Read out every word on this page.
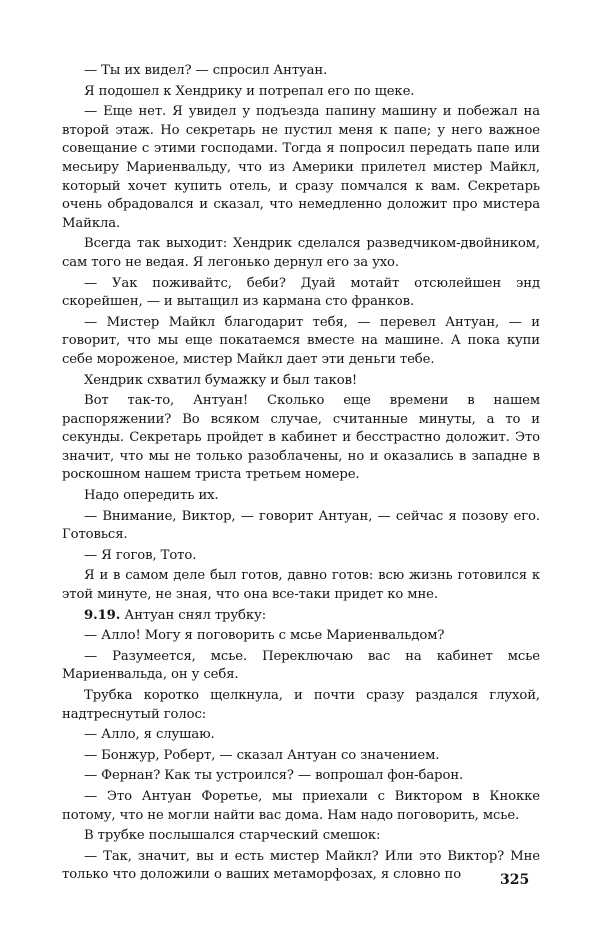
— Ты их видел? — спросил Антуан.

Я подошел к Хендрику и потрепал его по щеке.

— Еще нет. Я увидел у подъезда папину машину и побежал на второй этаж. Но секретарь не пустил меня к папе; у него важное совещание с этими господами. Тогда я попросил передать папе или месьиру Мариенвальду, что из Америки прилетел мистер Майкл, который хочет купить отель, и сразу помчался к вам. Секретарь очень обрадовался и сказал, что немедленно доложит про мистера Майкла.

Всегда так выходит: Хендрик сделался разведчиком-двойником, сам того не ведая. Я легонько дернул его за ухо.

— Уак поживайтс, беби? Дуай мотайт отсюлейшен энд скорейшен, — и вытащил из кармана сто франков.

— Мистер Майкл благодарит тебя, — перевел Антуан, — и говорит, что мы еще покатаемся вместе на машине. А пока купи себе мороженое, мистер Майкл дает эти деньги тебе.

Хендрик схватил бумажку и был таков!

Вот так-то, Антуан! Сколько еще времени в нашем распоряжении? Во всяком случае, считанные минуты, а то и секунды. Секретарь пройдет в кабинет и бесстрастно доложит. Это значит, что мы не только разоблачены, но и оказались в западне в роскошном нашем триста третьем номере.

Надо опередить их.

— Внимание, Виктор, — говорит Антуан, — сейчас я позову его. Готовься.

— Я гогов, Тото.

Я и в самом деле был готов, давно готов: всю жизнь готовился к этой минуте, не зная, что она все-таки придет ко мне.

9.19. Антуан снял трубку:

— Алло! Могу я поговорить с мсье Мариенвальдом?

— Разумеется, мсье. Переключаю вас на кабинет мсье Мариенвальда, он у себя.

Трубка коротко щелкнула, и почти сразу раздался глухой, надтреснутый голос:

— Алло, я слушаю.

— Бонжур, Роберт, — сказал Антуан со значением.

— Фернан? Как ты устроился? — вопрошал фон-барон.

— Это Антуан Форетье, мы приехали с Виктором в Кнокке потому, что не могли найти вас дома. Нам надо поговорить, мсье.

В трубке послышался старческий смешок:

— Так, значит, вы и есть мистер Майкл? Или это Виктор? Мне только что доложили о ваших метаморфозах, я словно по	325
